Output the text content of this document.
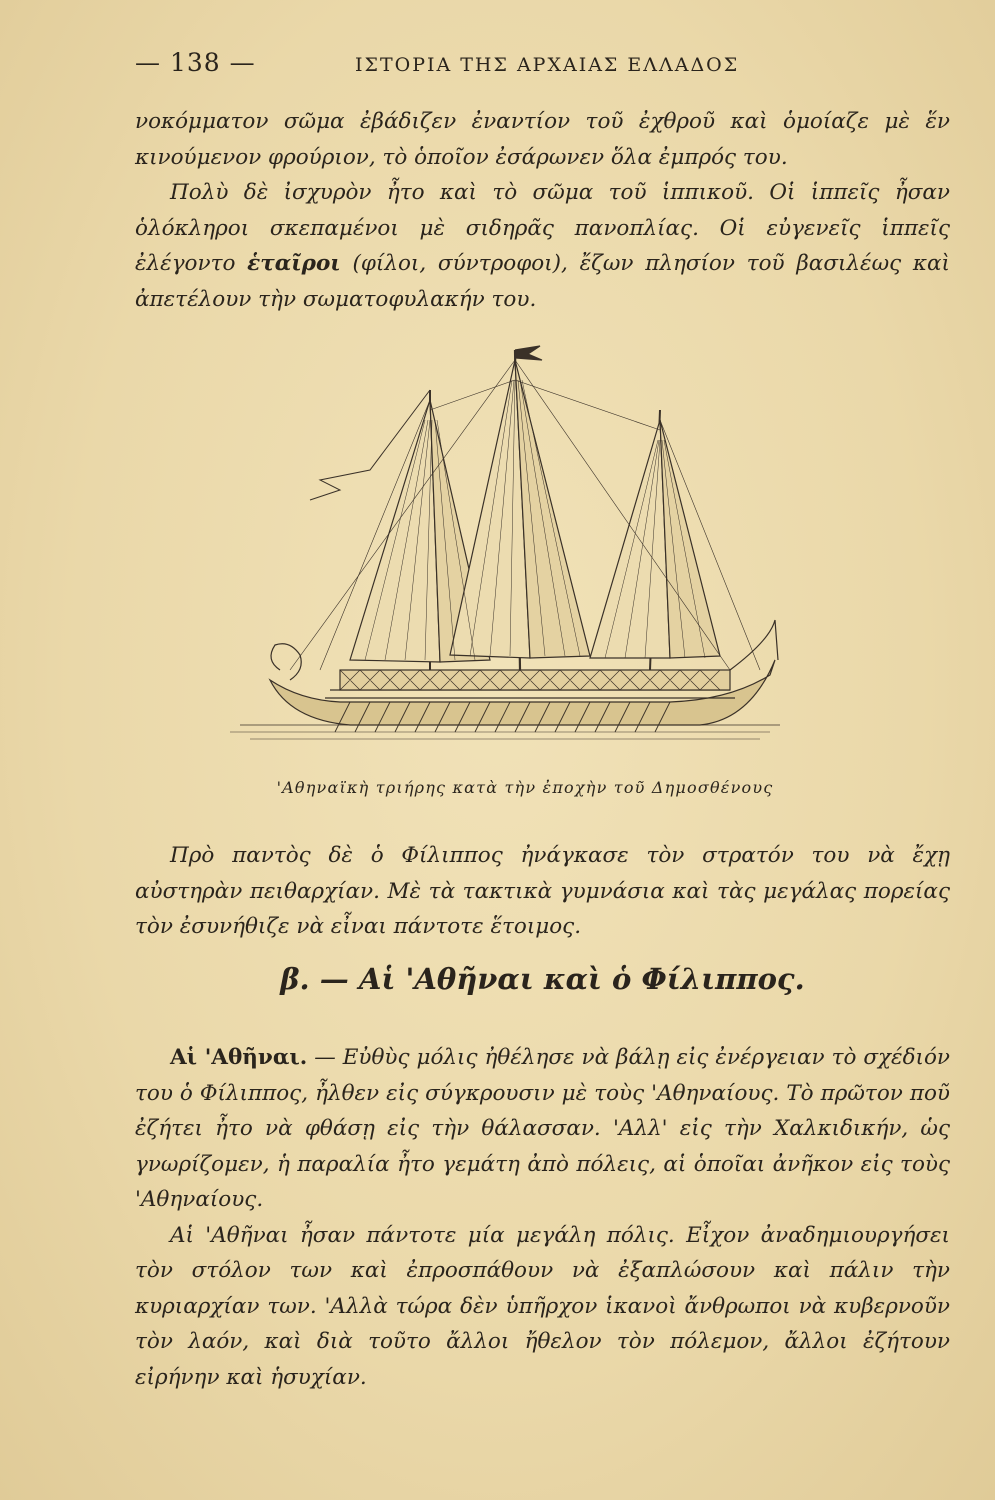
— 138 —	ΙΣΤΟΡΙΑ ΤΗΣ ΑΡΧΑΙΑΣ ΕΛΛΑΔΟΣ

νοκόμματον σῶμα ἐβάδιζεν ἐναντίον τοῦ ἐχθροῦ καὶ ὁμοίαζε μὲ ἕν

κινούμενον φρούριον, τὸ ὁποῖον ἐσάρωνεν ὅλα ἐμπρός του.

Πολὺ δὲ ἰσχυρὸν ἦτο καὶ τὸ σῶμα τοῦ ἱππικοῦ. Οἱ ἱππεῖς ἦσαν ὁλόκληροι σκεπαμένοι μὲ σιδηρᾶς πανοπλίας. Οἱ εὐγενεῖς ἱππεῖς ἐλέγοντο ἑταῖροι (φίλοι, σύντροφοι), ἔζων πλησίον τοῦ βασιλέως καὶ ἀπετέλουν τὴν σωματοφυλακήν του.

'Αθηναϊκὴ τριήρης κατὰ τὴν ἐποχὴν τοῦ Δημοσθένους
Πρὸ παντὸς δὲ ὁ Φίλιππος ἠνάγκασε τὸν στρατόν του νὰ ἔχῃ αὐστηρὰν πειθαρχίαν. Μὲ τὰ τακτικὰ γυμνάσια καὶ τὰς μεγάλας πορείας τὸν ἐσυνήθιζε νὰ εἶναι πάντοτε ἕτοιμος.
β. — Αἱ 'Αθῆναι καὶ ὁ Φίλιππος.

Αἱ 'Αθῆναι. — Εὐθὺς μόλις ἠθέλησε νὰ βάλῃ εἰς ἐνέργειαν τὸ σχέδιόν του ὁ Φίλιππος, ἦλθεν εἰς σύγκρουσιν μὲ τοὺς 'Αθηναίους. Τὸ πρῶτον ποῦ ἐζήτει ἦτο νὰ φθάσῃ εἰς τὴν θάλασσαν. 'Αλλ' εἰς τὴν Χαλκιδικήν, ὡς γνωρίζομεν, ἡ παραλία ἦτο γεμάτη ἀπὸ πόλεις, αἱ ὁποῖαι ἀνῆκον εἰς τοὺς 'Αθηναίους.

Αἱ 'Αθῆναι ἦσαν πάντοτε μία μεγάλη πόλις. Εἶχον ἀναδημιουργήσει τὸν στόλον των καὶ ἐπροσπάθουν νὰ ἐξαπλώσουν καὶ πάλιν τὴν κυριαρχίαν των. 'Αλλὰ τώρα δὲν ὑπῆρχον ἱκανοὶ ἄνθρωποι νὰ κυβερνοῦν τὸν λαόν, καὶ διὰ τοῦτο ἄλλοι ἤθελον τὸν πόλεμον, ἄλλοι ἐζήτουν εἰρήνην καὶ ἡσυχίαν.
